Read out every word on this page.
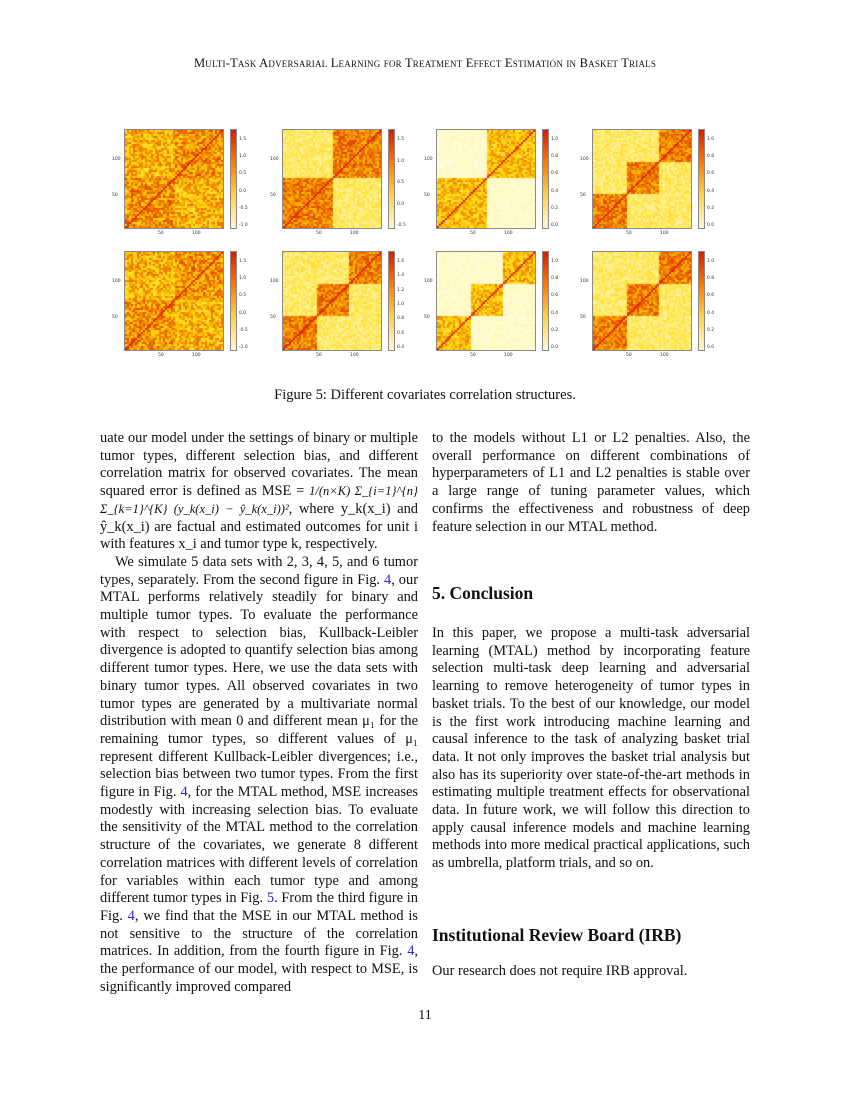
Multi-Task Adversarial Learning for Treatment Effect Estimation in Basket Trials
1.5
1.0
0.5
0.0
-0.5
-1.0
100
50
50	100
1.5
1.0
0.5
0.0
-0.5
100
50
50	100
1.0
0.8
0.6
0.4
0.2
0.0
100
50
50	100
1.0
0.8
0.6
0.4
0.2
0.0
100
50
50	100
1.5
1.0
0.5
0.0
-0.5
-1.0
100
50
50	100
1.6
1.4
1.2
1.0
0.8
0.6
0.4
100
50
50	100
1.0
0.8
0.6
0.4
0.2
0.0
100
50
50	100
1.0
0.8
0.6
0.4
0.2
0.0
100
50
50	100
Figure 5: Different covariates correlation structures.

uate our model under the settings of binary or multiple tumor types, different selection bias, and different correlation matrix for observed covariates. The mean squared error is defined as MSE = 1/(n×K) Σ_{i=1}^{n} Σ_{k=1}^{K} (y_k(x_i) − ŷ_k(x_i))², where y_k(x_i) and ŷ_k(x_i) are factual and estimated outcomes for unit i with features x_i and tumor type k, respectively.

We simulate 5 data sets with 2, 3, 4, 5, and 6 tumor types, separately. From the second figure in Fig. 4, our MTAL performs relatively steadily for binary and multiple tumor types. To evaluate the performance with respect to selection bias, Kullback-Leibler divergence is adopted to quantify selection bias among different tumor types. Here, we use the data sets with binary tumor types. All observed covariates in two tumor types are generated by a multivariate normal distribution with mean 0 and different mean μ₁ for the remaining tumor types, so different values of μ₁ represent different Kullback-Leibler divergences; i.e., selection bias between two tumor types. From the first figure in Fig. 4, for the MTAL method, MSE increases modestly with increasing selection bias. To evaluate the sensitivity of the MTAL method to the correlation structure of the covariates, we generate 8 different correlation matrices with different levels of correlation for variables within each tumor type and among different tumor types in Fig. 5. From the third figure in Fig. 4, we find that the MSE in our MTAL method is not sensitive to the structure of the correlation matrices. In addition, from the fourth figure in Fig. 4, the performance of our model, with respect to MSE, is significantly improved compared

to the models without L1 or L2 penalties. Also, the overall performance on different combinations of hyperparameters of L1 and L2 penalties is stable over a large range of tuning parameter values, which confirms the effectiveness and robustness of deep feature selection in our MTAL method.
5. Conclusion
In this paper, we propose a multi-task adversarial learning (MTAL) method by incorporating feature selection multi-task deep learning and adversarial learning to remove heterogeneity of tumor types in basket trials. To the best of our knowledge, our model is the first work introducing machine learning and causal inference to the task of analyzing basket trial data. It not only improves the basket trial analysis but also has its superiority over state-of-the-art methods in estimating multiple treatment effects for observational data. In future work, we will follow this direction to apply causal inference models and machine learning methods into more medical practical applications, such as umbrella, platform trials, and so on.
Institutional Review Board (IRB)
Our research does not require IRB approval.
11
